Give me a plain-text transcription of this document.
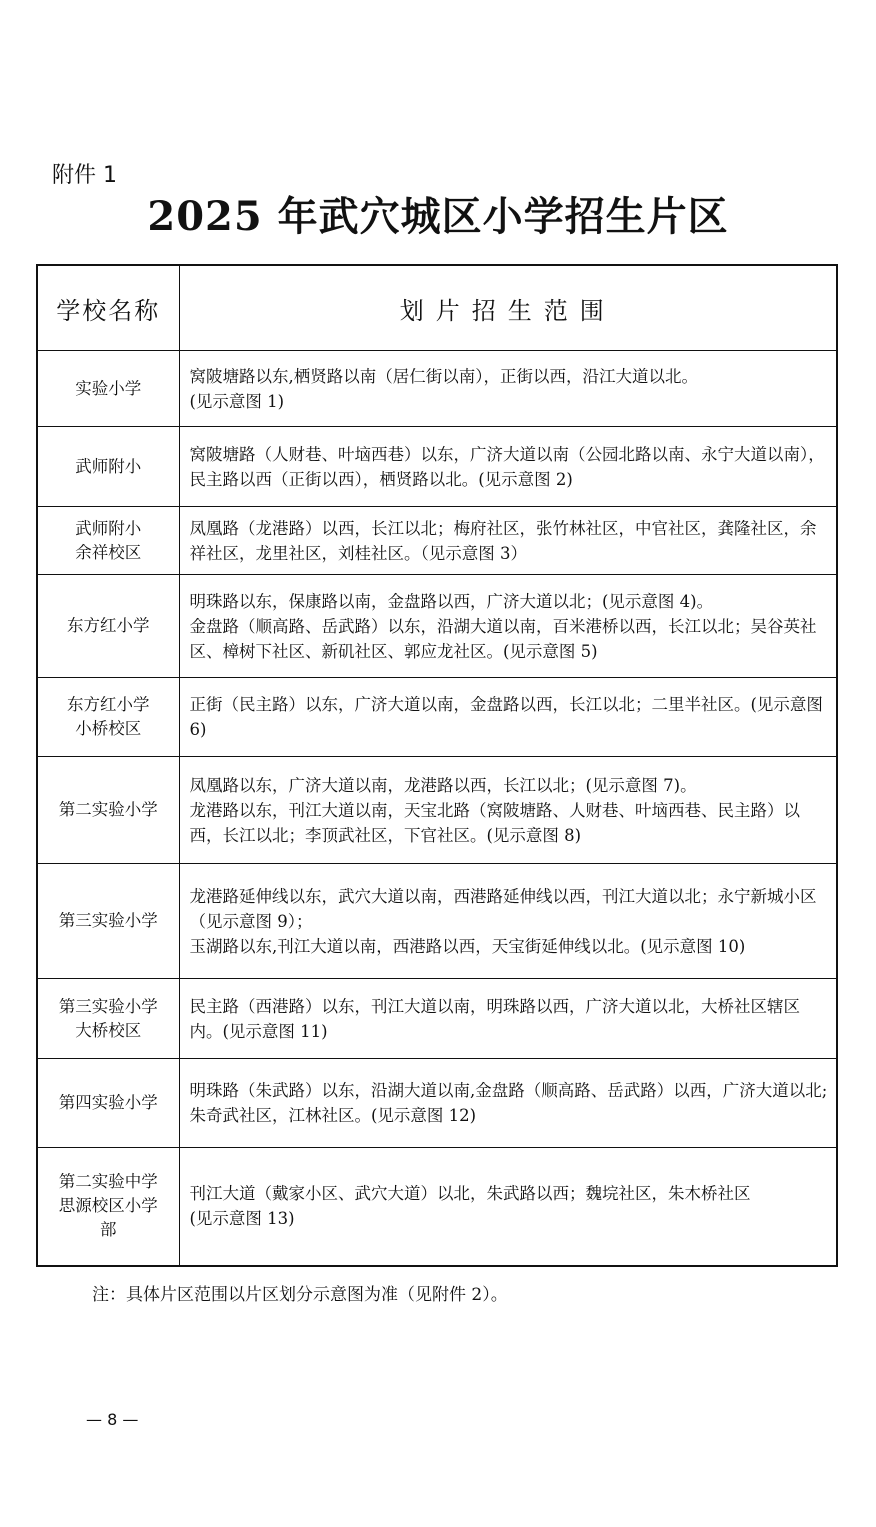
附件 1
2025 年武穴城区小学招生片区
学校名称	划片招生范围
实验小学	窝陂塘路以东,栖贤路以南（居仁街以南），正街以西，沿江大道以北。
(见示意图 1)
武师附小	窝陂塘路（人财巷、叶垴西巷）以东，广济大道以南（公园北路以南、永宁大道以南），民主路以西（正街以西），栖贤路以北。(见示意图 2)
武师附小
余祥校区	凤凰路（龙港路）以西，长江以北；梅府社区，张竹林社区，中官社区，龚隆社区，余祥社区，龙里社区，刘桂社区。（见示意图 3）
东方红小学	明珠路以东，保康路以南，金盘路以西，广济大道以北；(见示意图 4)。
金盘路（顺高路、岳武路）以东，沿湖大道以南，百米港桥以西，长江以北；吴谷英社区、樟树下社区、新矶社区、郭应龙社区。(见示意图 5)
东方红小学
小桥校区	正街（民主路）以东，广济大道以南，金盘路以西，长江以北；二里半社区。(见示意图 6)
第二实验小学	凤凰路以东，广济大道以南，龙港路以西，长江以北；(见示意图 7)。
龙港路以东，刊江大道以南，天宝北路（窝陂塘路、人财巷、叶垴西巷、民主路）以西，长江以北；李顶武社区，下官社区。(见示意图 8)
第三实验小学	龙港路延伸线以东，武穴大道以南，西港路延伸线以西，刊江大道以北；永宁新城小区（见示意图 9）；
玉湖路以东,刊江大道以南，西港路以西，天宝街延伸线以北。(见示意图 10)
第三实验小学
大桥校区	民主路（西港路）以东，刊江大道以南，明珠路以西，广济大道以北，大桥社区辖区内。(见示意图 11)
第四实验小学	明珠路（朱武路）以东，沿湖大道以南,金盘路（顺高路、岳武路）以西，广济大道以北;朱奇武社区，江林社区。(见示意图 12)
第二实验中学
思源校区小学
部	刊江大道（戴家小区、武穴大道）以北，朱武路以西；魏垸社区，朱木桥社区
(见示意图 13)
注：具体片区范围以片区划分示意图为准（见附件 2）。
— 8 —
